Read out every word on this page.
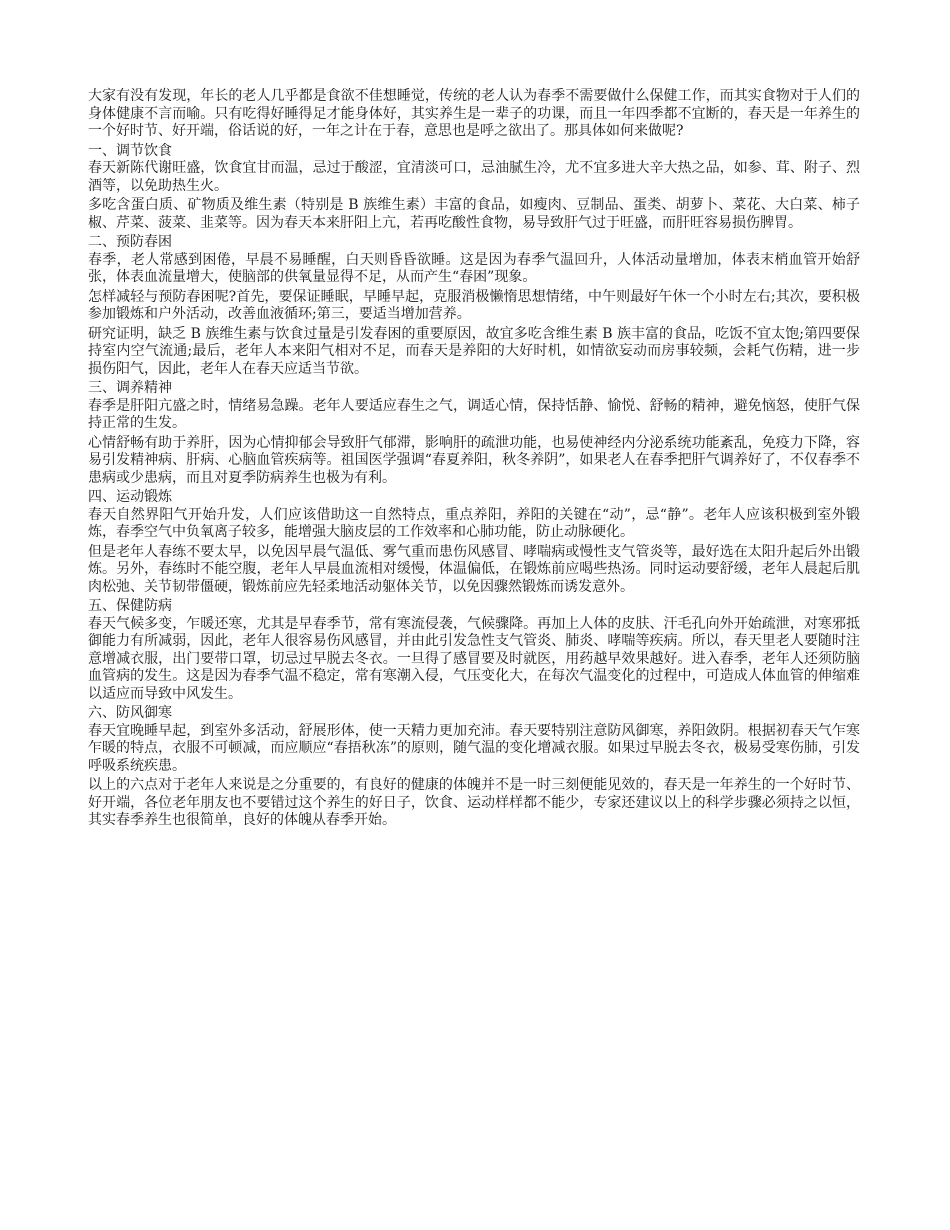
大家有没有发现，年长的老人几乎都是食欲不佳想睡觉，传统的老人认为春季不需要做什么保健工作，而其实食物对于人们的身体健康不言而喻。只有吃得好睡得足才能身体好，其实养生是一辈子的功课，而且一年四季都不宜断的，春天是一年养生的一个好时节、好开端，俗话说的好，一年之计在于春，意思也是呼之欲出了。那具体如何来做呢?

一、调节饮食

春天新陈代谢旺盛，饮食宜甘而温，忌过于酸涩，宜清淡可口，忌油腻生冷，尤不宜多进大辛大热之品，如参、茸、附子、烈酒等，以免助热生火。

多吃含蛋白质、矿物质及维生素（特别是 B 族维生素）丰富的食品，如瘦肉、豆制品、蛋类、胡萝卜、菜花、大白菜、柿子椒、芹菜、菠菜、韭菜等。因为春天本来肝阳上亢，若再吃酸性食物，易导致肝气过于旺盛，而肝旺容易损伤脾胃。

二、预防春困

春季，老人常感到困倦，早晨不易睡醒，白天则昏昏欲睡。这是因为春季气温回升，人体活动量增加，体表末梢血管开始舒张，体表血流量增大，使脑部的供氧量显得不足，从而产生“春困”现象。

怎样减轻与预防春困呢?首先，要保证睡眠，早睡早起，克服消极懒惰思想情绪，中午则最好午休一个小时左右;其次，要积极参加锻炼和户外活动，改善血液循环;第三，要适当增加营养。

研究证明，缺乏 B 族维生素与饮食过量是引发春困的重要原因，故宜多吃含维生素 B 族丰富的食品，吃饭不宜太饱;第四要保持室内空气流通;最后，老年人本来阳气相对不足，而春天是养阳的大好时机，如情欲妄动而房事较频，会耗气伤精，进一步损伤阳气，因此，老年人在春天应适当节欲。

三、调养精神

春季是肝阳亢盛之时，情绪易急躁。老年人要适应春生之气，调适心情，保持恬静、愉悦、舒畅的精神，避免恼怒，使肝气保持正常的生发。

心情舒畅有助于养肝，因为心情抑郁会导致肝气郁滞，影响肝的疏泄功能，也易使神经内分泌系统功能紊乱，免疫力下降，容易引发精神病、肝病、心脑血管疾病等。祖国医学强调“春夏养阳，秋冬养阴”，如果老人在春季把肝气调养好了，不仅春季不患病或少患病，而且对夏季防病养生也极为有利。

四、运动锻炼

春天自然界阳气开始升发，人们应该借助这一自然特点，重点养阳，养阳的关键在“动”，忌“静”。老年人应该积极到室外锻炼，春季空气中负氧离子较多，能增强大脑皮层的工作效率和心肺功能，防止动脉硬化。

但是老年人春练不要太早，以免因早晨气温低、雾气重而患伤风感冒、哮喘病或慢性支气管炎等，最好选在太阳升起后外出锻炼。另外，春练时不能空腹，老年人早晨血流相对缓慢，体温偏低，在锻炼前应喝些热汤。同时运动要舒缓，老年人晨起后肌肉松弛、关节韧带僵硬，锻炼前应先轻柔地活动躯体关节，以免因骤然锻炼而诱发意外。

五、保健防病

春天气候多变，乍暖还寒，尤其是早春季节，常有寒流侵袭，气候骤降。再加上人体的皮肤、汗毛孔向外开始疏泄，对寒邪抵御能力有所减弱，因此，老年人很容易伤风感冒，并由此引发急性支气管炎、肺炎、哮喘等疾病。所以，春天里老人要随时注意增减衣服，出门要带口罩，切忌过早脱去冬衣。一旦得了感冒要及时就医，用药越早效果越好。进入春季，老年人还须防脑血管病的发生。这是因为春季气温不稳定，常有寒潮入侵，气压变化大，在每次气温变化的过程中，可造成人体血管的伸缩难以适应而导致中风发生。

六、防风御寒

春天宜晚睡早起，到室外多活动，舒展形体，使一天精力更加充沛。春天要特别注意防风御寒，养阳敛阴。根据初春天气乍寒乍暖的特点，衣服不可顿减，而应顺应“春捂秋冻”的原则，随气温的变化增减衣服。如果过早脱去冬衣，极易受寒伤肺，引发呼吸系统疾患。

以上的六点对于老年人来说是之分重要的，有良好的健康的体魄并不是一时三刻便能见效的，春天是一年养生的一个好时节、好开端，各位老年朋友也不要错过这个养生的好日子，饮食、运动样样都不能少，专家还建议以上的科学步骤必须持之以恒，其实春季养生也很简单，良好的体魄从春季开始。
